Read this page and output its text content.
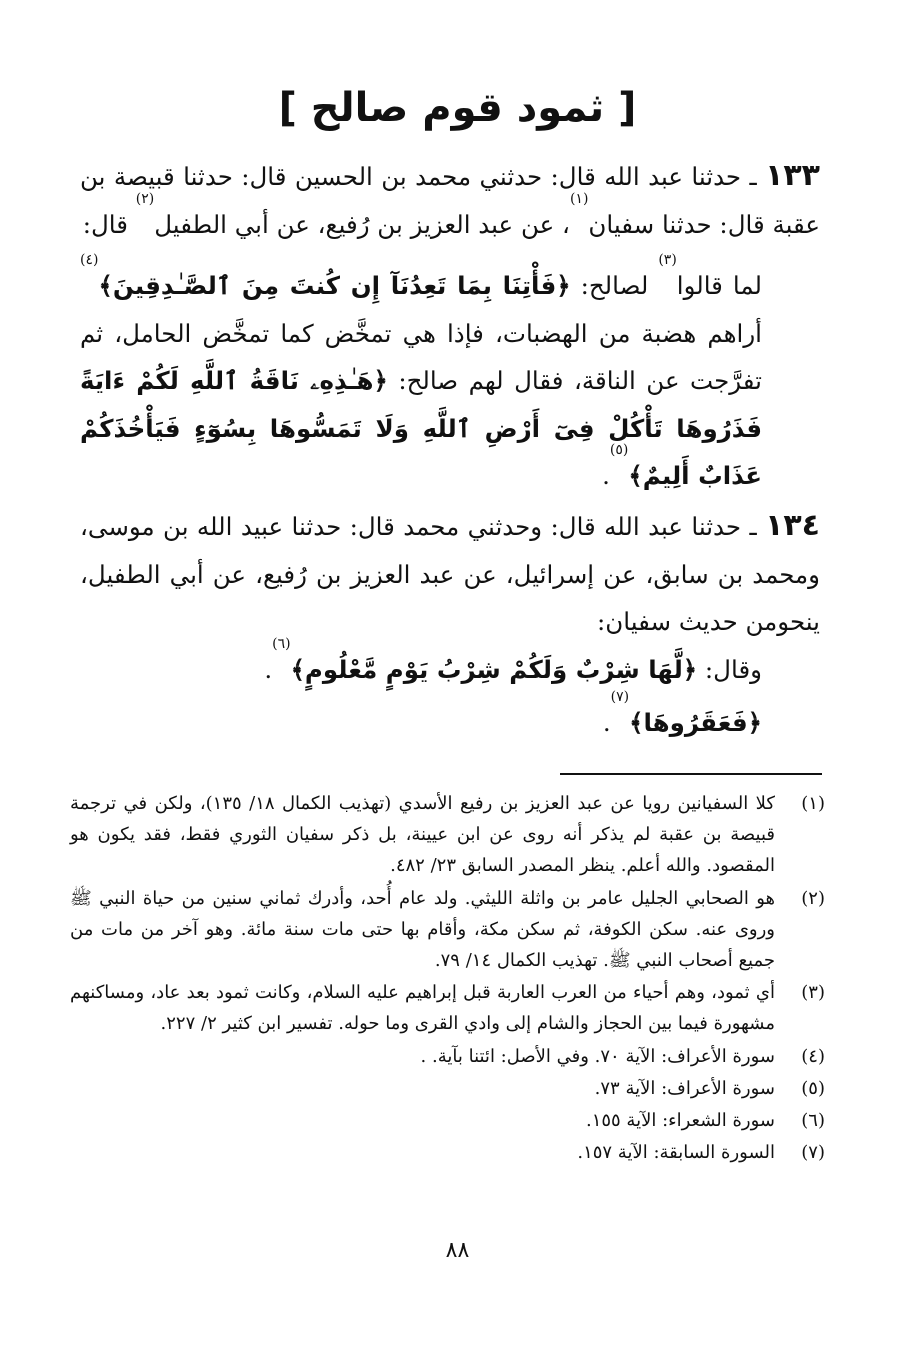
[ ثمود قوم صالح ]

١٣٣ ـ حدثنا عبد الله قال: حدثني محمد بن الحسين قال: حدثنا قبيصة بن عقبة قال: حدثنا سفيان$^{(١)}$، عن عبد العزيز بن رُفيع، عن أبي الطفيل$^{(٢)}$ قال:

لما قالوا$^{(٣)}$ لصالح: ﴿فَأْتِنَا بِمَا تَعِدُنَآ إِن كُنتَ مِنَ ٱلصَّـٰدِقِينَ﴾$^{(٤)}$ أراهم هضبة من الهضبات، فإذا هي تمخَّض كما تمخَّض الحامل، ثم تفرَّجت عن الناقة، فقال لهم صالح: ﴿هَـٰذِهِۦ نَاقَةُ ٱللَّهِ لَكُمْ ءَايَةً فَذَرُوهَا تَأْكُلْ فِىٓ أَرْضِ ٱللَّهِ وَلَا تَمَسُّوهَا بِسُوٓءٍ فَيَأْخُذَكُمْ عَذَابٌ أَلِيمٌ﴾$^{(٥)}$.

١٣٤ ـ حدثنا عبد الله قال: وحدثني محمد قال: حدثنا عبيد الله بن موسى، ومحمد بن سابق، عن إسرائيل، عن عبد العزيز بن رُفيع، عن أبي الطفيل، ينحومن حديث سفيان:

وقال: ﴿لَّهَا شِرْبٌ وَلَكُمْ شِرْبُ يَوْمٍ مَّعْلُومٍ﴾$^{(٦)}$.

﴿فَعَقَرُوهَا﴾$^{(٧)}$.

(١)
كلا السفيانين رويا عن عبد العزيز بن رفيع الأسدي (تهذيب الكمال ١٨/ ١٣٥)، ولكن في ترجمة قبيصة بن عقبة لم يذكر أنه روى عن ابن عيينة، بل ذكر سفيان الثوري فقط، فقد يكون هو المقصود. والله أعلم. ينظر المصدر السابق ٢٣/ ٤٨٢.
(٢)
هو الصحابي الجليل عامر بن واثلة الليثي. ولد عام أُحد، وأدرك ثماني سنين من حياة النبي ﷺ وروى عنه. سكن الكوفة، ثم سكن مكة، وأقام بها حتى مات سنة مائة. وهو آخر من مات من جميع أصحاب النبي ﷺ. تهذيب الكمال ١٤/ ٧٩.
(٣)
أي ثمود، وهم أحياء من العرب العاربة قبل إبراهيم عليه السلام، وكانت ثمود بعد عاد، ومساكنهم مشهورة فيما بين الحجاز والشام إلى وادي القرى وما حوله. تفسير ابن كثير ٢/ ٢٢٧.
(٤)
سورة الأعراف: الآية ٧٠. وفي الأصل: ائتنا بآية. .
(٥)
سورة الأعراف: الآية ٧٣.
(٦)
سورة الشعراء: الآية ١٥٥.
(٧)
السورة السابقة: الآية ١٥٧.
٨٨
